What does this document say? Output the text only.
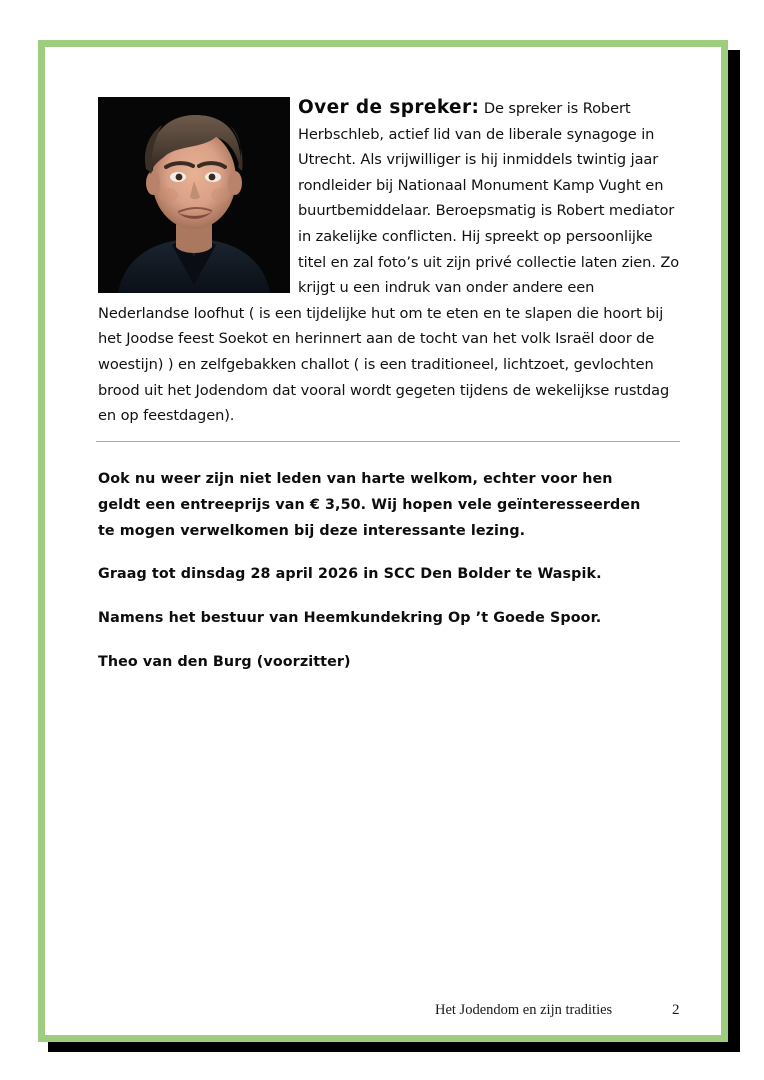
Over de spreker: De spreker is Robert Herbschleb, actief lid van de liberale synagoge in Utrecht. Als vrijwilliger is hij inmiddels twintig jaar rondleider bij Nationaal Monument Kamp Vught en buurtbemiddelaar. Beroepsmatig is Robert mediator in zakelijke conflicten. Hij spreekt op persoonlijke titel en zal foto’s uit zijn privé collectie laten zien. Zo krijgt u een indruk van onder andere een Nederlandse loofhut ( is een tijdelijke hut om te eten en te slapen die hoort bij het Joodse feest Soekot en herinnert aan de tocht van het volk Israël door de woestijn) ) en zelfgebakken challot ( is een traditioneel, lichtzoet, gevlochten brood uit het Jodendom dat vooral wordt gegeten tijdens de wekelijkse rustdag en op feestdagen).

Ook nu weer zijn niet leden van harte welkom, echter voor hen geldt een entreeprijs van € 3,50. Wij hopen vele geïnteresseerden te mogen verwelkomen bij deze interessante lezing.

Graag tot dinsdag 28 april 2026 in SCC Den Bolder te Waspik.

Namens het bestuur van Heemkundekring Op ’t Goede Spoor.

Theo van den Burg (voorzitter)

Het Jodendom en zijn tradities	2
